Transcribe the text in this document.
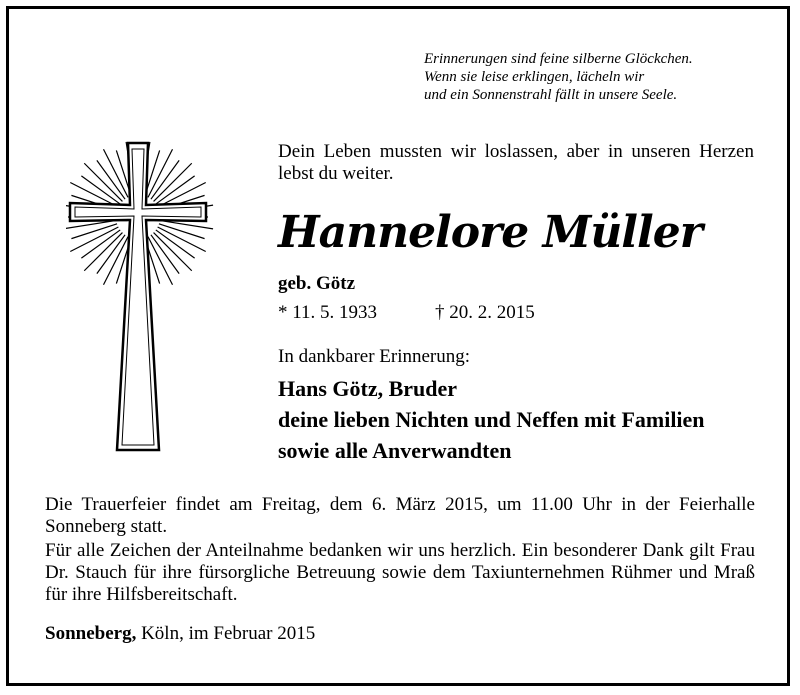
Erinnerungen sind feine silberne Glöckchen.
Wenn sie leise erklingen, lächeln wir
und ein Sonnenstrahl fällt in unsere Seele.
Dein Leben mussten wir loslassen, aber in unseren Herzen lebst du weiter.
Hannelore Müller
geb. Götz
* 11. 5. 1933	† 20. 2. 2015
In dankbarer Erinnerung:
Hans Götz, Bruder
deine lieben Nichten und Neffen mit Familien
sowie alle Anverwandten
Die Trauerfeier findet am Freitag, dem 6. März 2015, um 11.00 Uhr in der Feierhalle Sonneberg statt.
Für alle Zeichen der Anteilnahme bedanken wir uns herzlich. Ein besonderer Dank gilt Frau Dr. Stauch für ihre fürsorgliche Betreuung sowie dem Taxiunternehmen Rühmer und Mraß für ihre Hilfsbereitschaft.
Sonneberg, Köln, im Februar 2015
